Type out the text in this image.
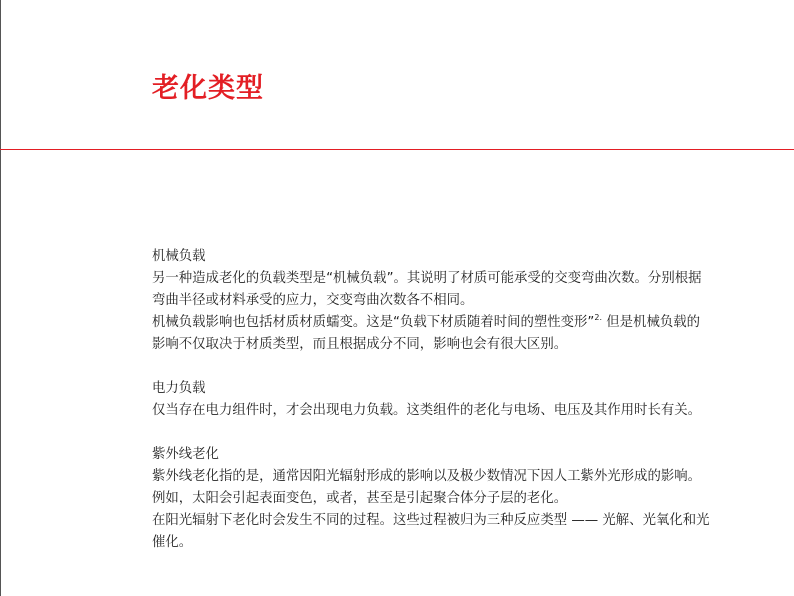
老化类型
机械负载

另一种造成老化的负载类型是“机械负载”。其说明了材质可能承受的交变弯曲次数。分别根据弯曲半径或材料承受的应力，交变弯曲次数各不相同。

机械负载影响也包括材质材质蠕变。这是“负载下材质随着时间的塑性变形”$^{2.}$ 但是机械负载的影响不仅取决于材质类型，而且根据成分不同，影响也会有很大区别。

电力负载

仅当存在电力组件时，才会出现电力负载。这类组件的老化与电场、电压及其作用时长有关。

紫外线老化

紫外线老化指的是，通常因阳光辐射形成的影响以及极少数情况下因人工紫外光形成的影响。例如，太阳会引起表面变色，或者，甚至是引起聚合体分子层的老化。

在阳光辐射下老化时会发生不同的过程。这些过程被归为三种反应类型 —— 光解、光氧化和光催化。
